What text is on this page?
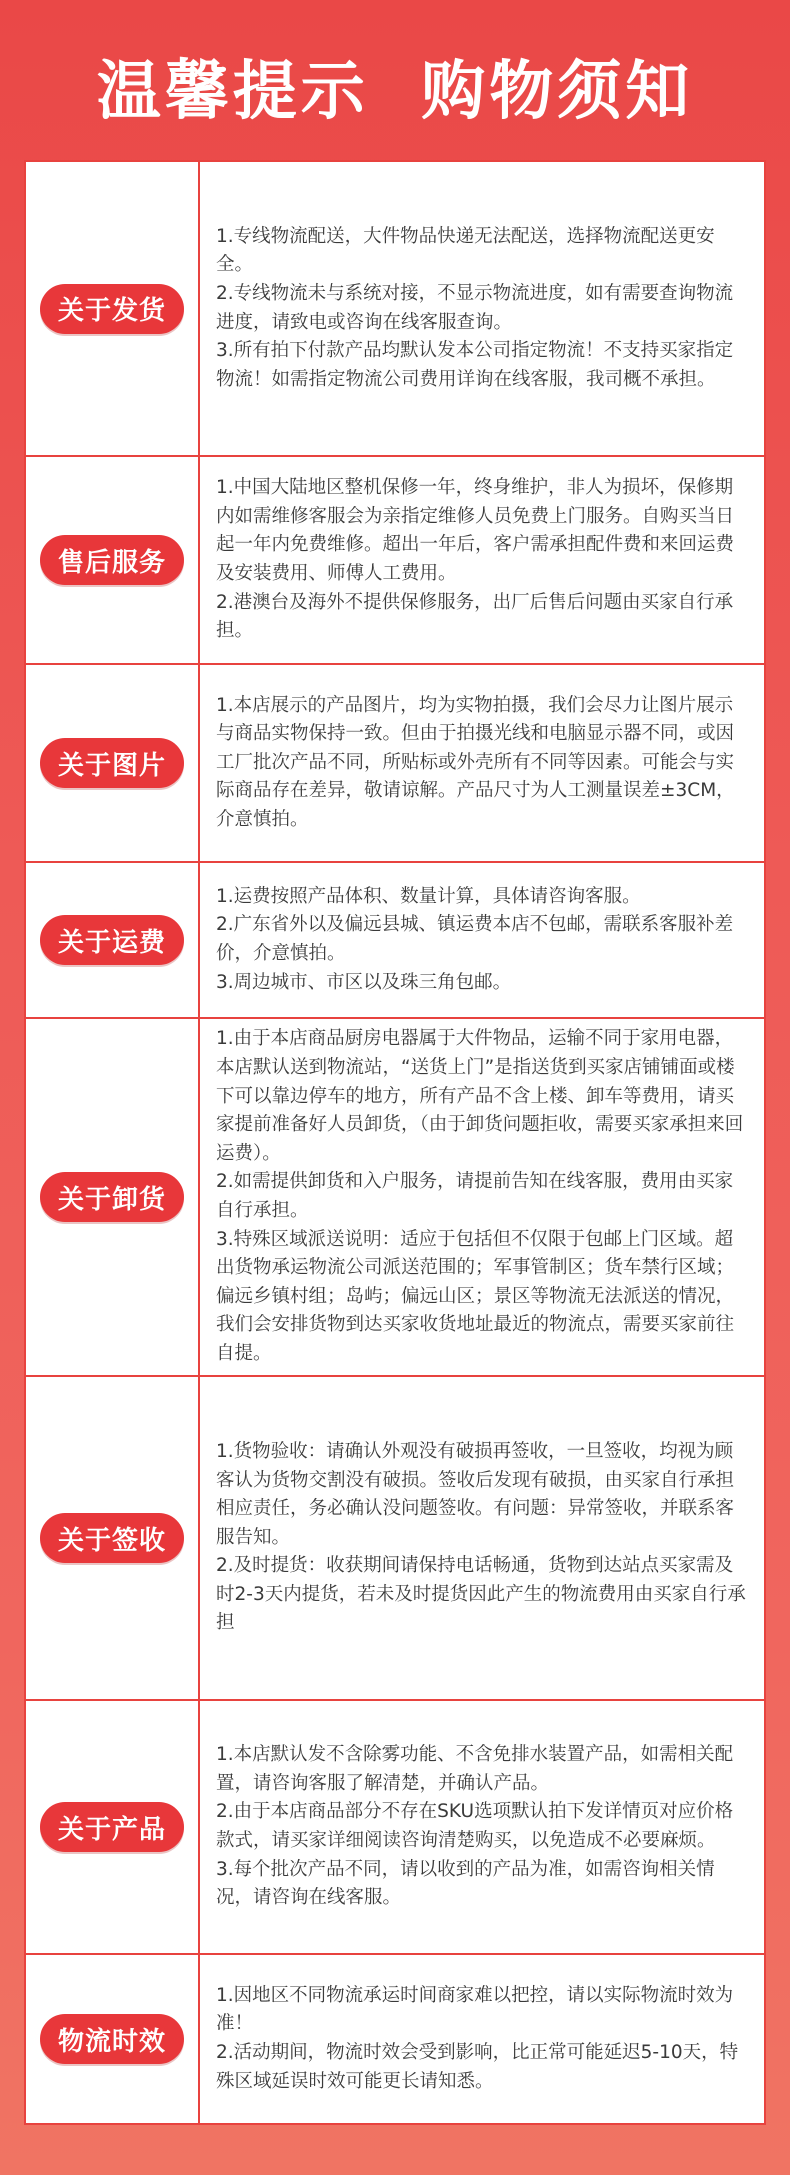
温馨提示  购物须知
关于发货
1.专线物流配送，大件物品快递无法配送，选择物流配送更安全。
2.专线物流未与系统对接，不显示物流进度，如有需要查询物流进度，请致电或咨询在线客服查询。
3.所有拍下付款产品均默认发本公司指定物流！不支持买家指定物流！如需指定物流公司费用详询在线客服，我司概不承担。
售后服务
1.中国大陆地区整机保修一年，终身维护，非人为损坏，保修期内如需维修客服会为亲指定维修人员免费上门服务。自购买当日起一年内免费维修。超出一年后，客户需承担配件费和来回运费及安装费用、师傅人工费用。
2.港澳台及海外不提供保修服务，出厂后售后问题由买家自行承担。
关于图片
1.本店展示的产品图片，均为实物拍摄，我们会尽力让图片展示与商品实物保持一致。但由于拍摄光线和电脑显示器不同，或因工厂批次产品不同，所贴标或外壳所有不同等因素。可能会与实际商品存在差异，敬请谅解。产品尺寸为人工测量误差±3CM，介意慎拍。
关于运费
1.运费按照产品体积、数量计算，具体请咨询客服。
2.广东省外以及偏远县城、镇运费本店不包邮，需联系客服补差价，介意慎拍。
3.周边城市、市区以及珠三角包邮。
关于卸货
1.由于本店商品厨房电器属于大件物品，运输不同于家用电器，本店默认送到物流站，“送货上门”是指送货到买家店铺铺面或楼下可以靠边停车的地方，所有产品不含上楼、卸车等费用，请买家提前准备好人员卸货，（由于卸货问题拒收，需要买家承担来回运费）。
2.如需提供卸货和入户服务，请提前告知在线客服，费用由买家自行承担。
3.特殊区域派送说明：适应于包括但不仅限于包邮上门区域。超出货物承运物流公司派送范围的；军事管制区；货车禁行区域；偏远乡镇村组；岛屿；偏远山区；景区等物流无法派送的情况，我们会安排货物到达买家收货地址最近的物流点，需要买家前往自提。
关于签收
1.货物验收：请确认外观没有破损再签收，一旦签收，均视为顾客认为货物交割没有破损。签收后发现有破损，由买家自行承担相应责任，务必确认没问题签收。有问题：异常签收，并联系客服告知。
2.及时提货：收获期间请保持电话畅通，货物到达站点买家需及时2-3天内提货，若未及时提货因此产生的物流费用由买家自行承担
关于产品
1.本店默认发不含除雾功能、不含免排水装置产品，如需相关配置，请咨询客服了解清楚，并确认产品。
2.由于本店商品部分不存在SKU选项默认拍下发详情页对应价格款式，请买家详细阅读咨询清楚购买，以免造成不必要麻烦。
3.每个批次产品不同，请以收到的产品为准，如需咨询相关情况，请咨询在线客服。
物流时效
1.因地区不同物流承运时间商家难以把控，请以实际物流时效为准！
2.活动期间，物流时效会受到影响，比正常可能延迟5-10天，特殊区域延误时效可能更长请知悉。
